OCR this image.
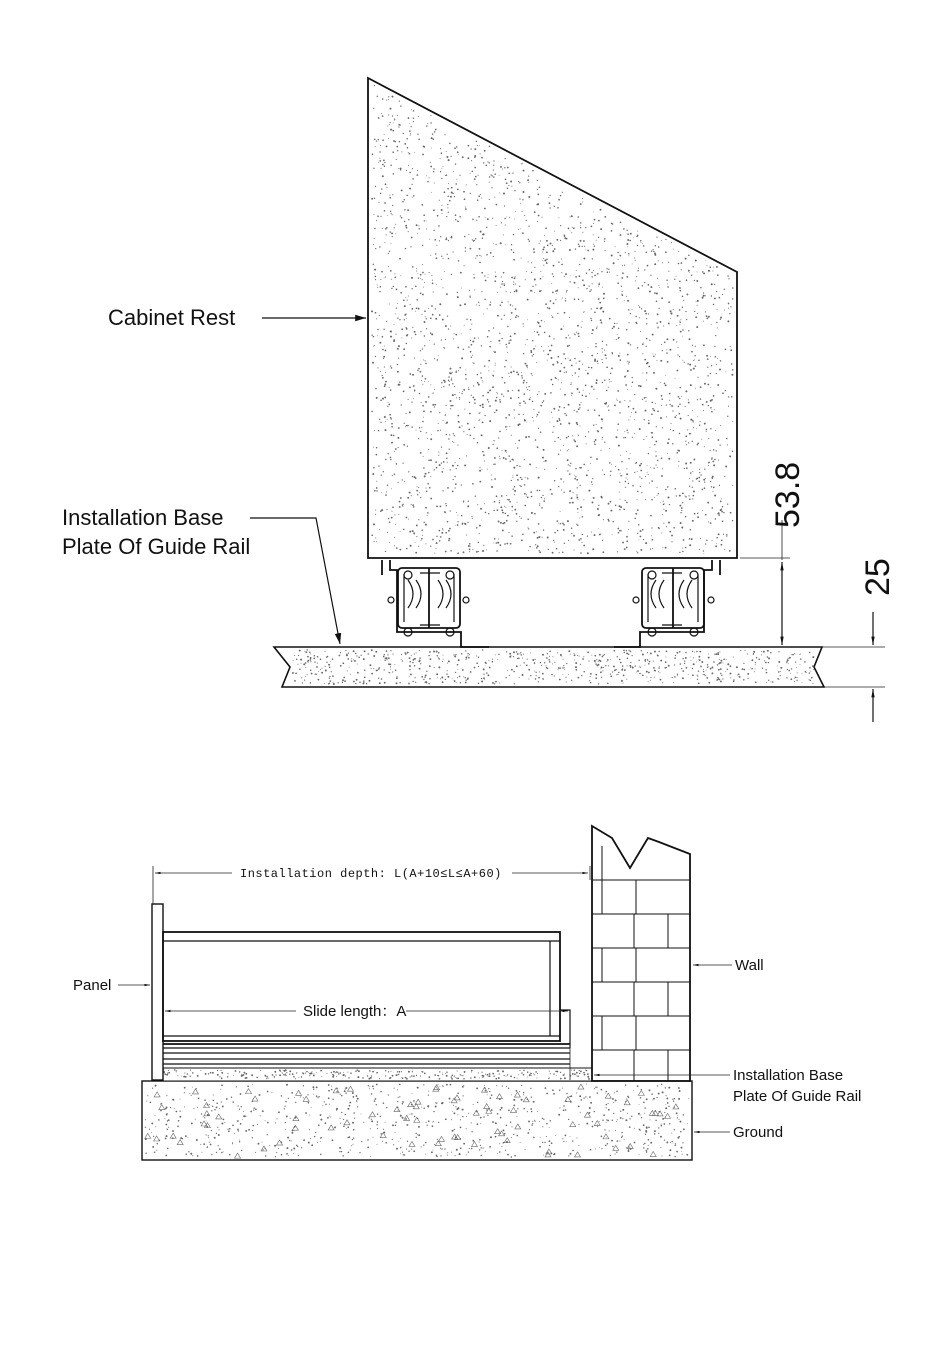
Cabinet Rest
Installation Base
Plate Of Guide Rail
53.8
25
Installation depth: L(A+10≤L≤A+60)
Slide length：A
Panel
Wall
Installation Base
Plate Of Guide Rail
Ground
